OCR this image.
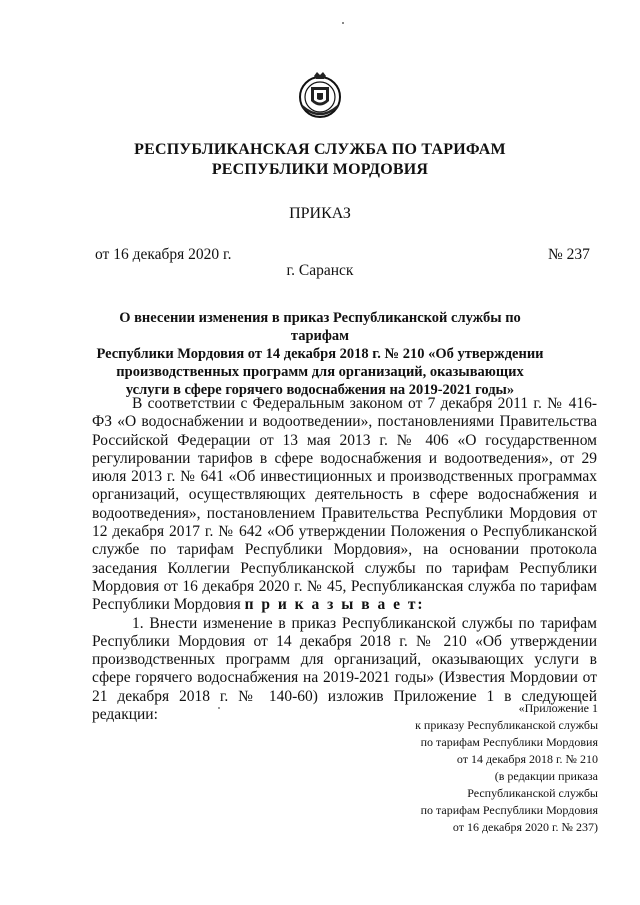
РЕСПУБЛИКАНСКАЯ СЛУЖБА ПО ТАРИФАМ
РЕСПУБЛИКИ МОРДОВИЯ
ПРИКАЗ
от 16 декабря 2020 г.	№ 237
г. Саранск
О внесении изменения в приказ Республиканской службы по тарифам
Республики Мордовия от 14 декабря 2018 г. № 210 «Об утверждении
производственных программ для организаций, оказывающих
услуги в сфере горячего водоснабжения на 2019-2021 годы»

В соответствии с Федеральным законом от 7 декабря 2011 г. № 416-ФЗ «О водоснабжении и водоотведении», постановлениями Правительства Российской Федерации от 13 мая 2013 г. № 406 «О государственном регулировании тарифов в сфере водоснабжения и водоотведения», от 29 июля 2013 г. № 641 «Об инвестиционных и производственных программах организаций, осуществляющих деятельность в сфере водоснабжения и водоотведения», постановлением Правительства Республики Мордовия от 12 декабря 2017 г. № 642 «Об утверждении Положения о Республиканской службе по тарифам Республики Мордовия», на основании протокола заседания Коллегии Республиканской службы по тарифам Республики Мордовия от 16 декабря 2020 г. № 45, Республиканская служба по тарифам Республики Мордовия п р и к а з ы в а е т:

1. Внести изменение в приказ Республиканской службы по тарифам Республики Мордовия от 14 декабря 2018 г. № 210 «Об утверждении производственных программ для организаций, оказывающих услуги в сфере горячего водоснабжения на 2019-2021 годы» (Известия Мордовии от 21 декабря 2018 г. № 140-60) изложив Приложение 1 в следующей редакции:	«Приложение 1
к приказу Республиканской службы
по тарифам Республики Мордовия
от 14 декабря 2018 г. № 210
(в редакции приказа
Республиканской службы
по тарифам Республики Мордовия
от 16 декабря 2020 г. № 237)
